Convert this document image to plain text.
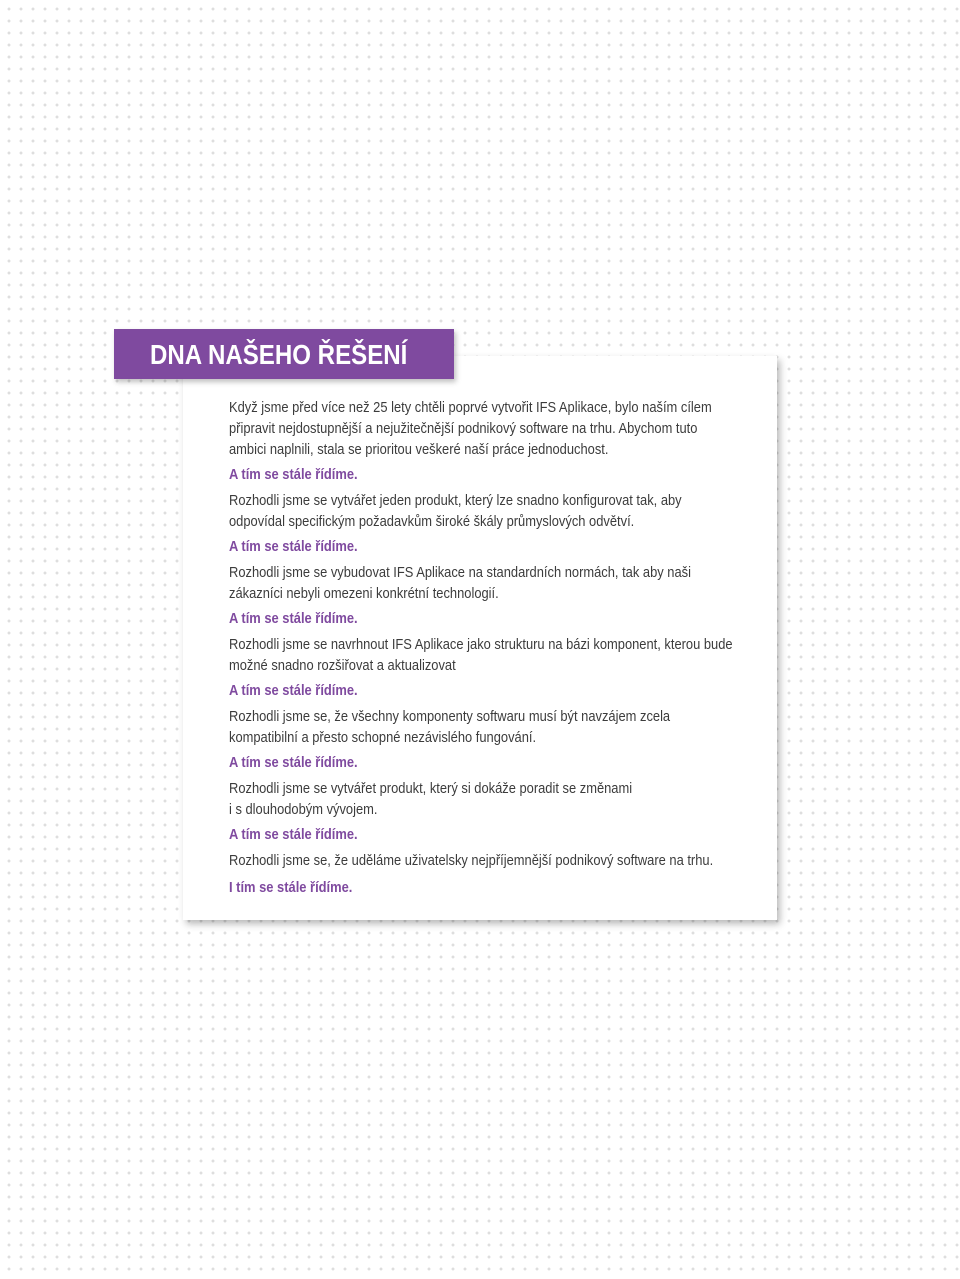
DNA NAŠEHO ŘEŠENÍ

Když jsme před více než 25 lety chtěli poprvé vytvořit IFS Aplikace, bylo naším cílem
připravit nejdostupnější a nejužitečnější podnikový software na trhu. Abychom tuto
ambici naplnili, stala se prioritou veškeré naší práce jednoduchost.

A tím se stále řídíme.

Rozhodli jsme se vytvářet jeden produkt, který lze snadno konfigurovat tak, aby
odpovídal specifickým požadavkům široké škály průmyslových odvětví.

A tím se stále řídíme.

Rozhodli jsme se vybudovat IFS Aplikace na standardních normách, tak aby naši
zákazníci nebyli omezeni konkrétní technologií.

A tím se stále řídíme.

Rozhodli jsme se navrhnout IFS Aplikace jako strukturu na bázi komponent, kterou bude
možné snadno rozšiřovat a aktualizovat

A tím se stále řídíme.

Rozhodli jsme se, že všechny komponenty softwaru musí být navzájem zcela
kompatibilní a přesto schopné nezávislého fungování.

A tím se stále řídíme.

Rozhodli jsme se vytvářet produkt, který si dokáže poradit se změnami
i s dlouhodobým vývojem.

A tím se stále řídíme.

Rozhodli jsme se, že uděláme uživatelsky nejpříjemnější podnikový software na trhu.

I tím se stále řídíme.
